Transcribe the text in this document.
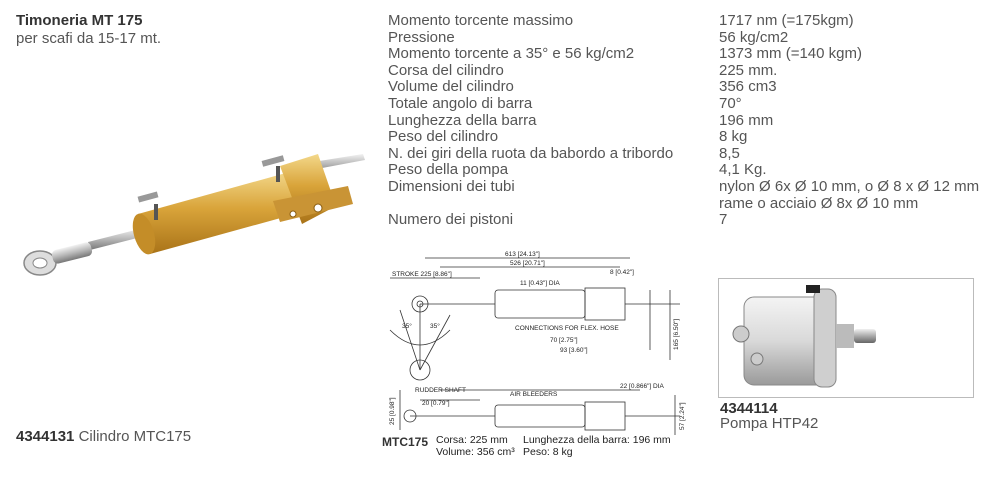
Timoneria MT 175
per scafi da 15-17 mt.
Momento torcente massimo	1717 nm (=175kgm)
Pressione	56 kg/cm2
Momento torcente a 35° e 56 kg/cm2	1373 mm (=140 kgm)
Corsa del cilindro	225 mm.
Volume del cilindro	356 cm3
Totale angolo di barra	70°
Lunghezza della barra	196 mm
Peso del cilindro	8 kg
N. dei giri della ruota da babordo a tribordo	8,5
Peso della pompa	4,1 Kg.
Dimensioni dei tubi	nylon Ø 6x Ø 10 mm, o Ø 8 x Ø 12 mm
rame o acciaio Ø 8x Ø 10 mm
Numero dei pistoni	7
613 [24.13"]
526 [20.71"]
8 [0.42"]
STROKE 225 [8.86"]
11 [0.43"] DIA
CONNECTIONS FOR FLEX. HOSE
70 [2.75"]
93 [3.60"]
165 [6.50"]
35°	35°
RUDDER SHAFT
AIR BLEEDERS
20 [0.79"]
22 [0.866"] DIA
57 [2.24"]
25 [0.98"]
MTC175 Corsa: 225 mm
Volume: 356 cm³
Lunghezza della barra: 196 mm
Peso: 8 kg
4344131 Cilindro MTC175
4344114
Pompa HTP42
